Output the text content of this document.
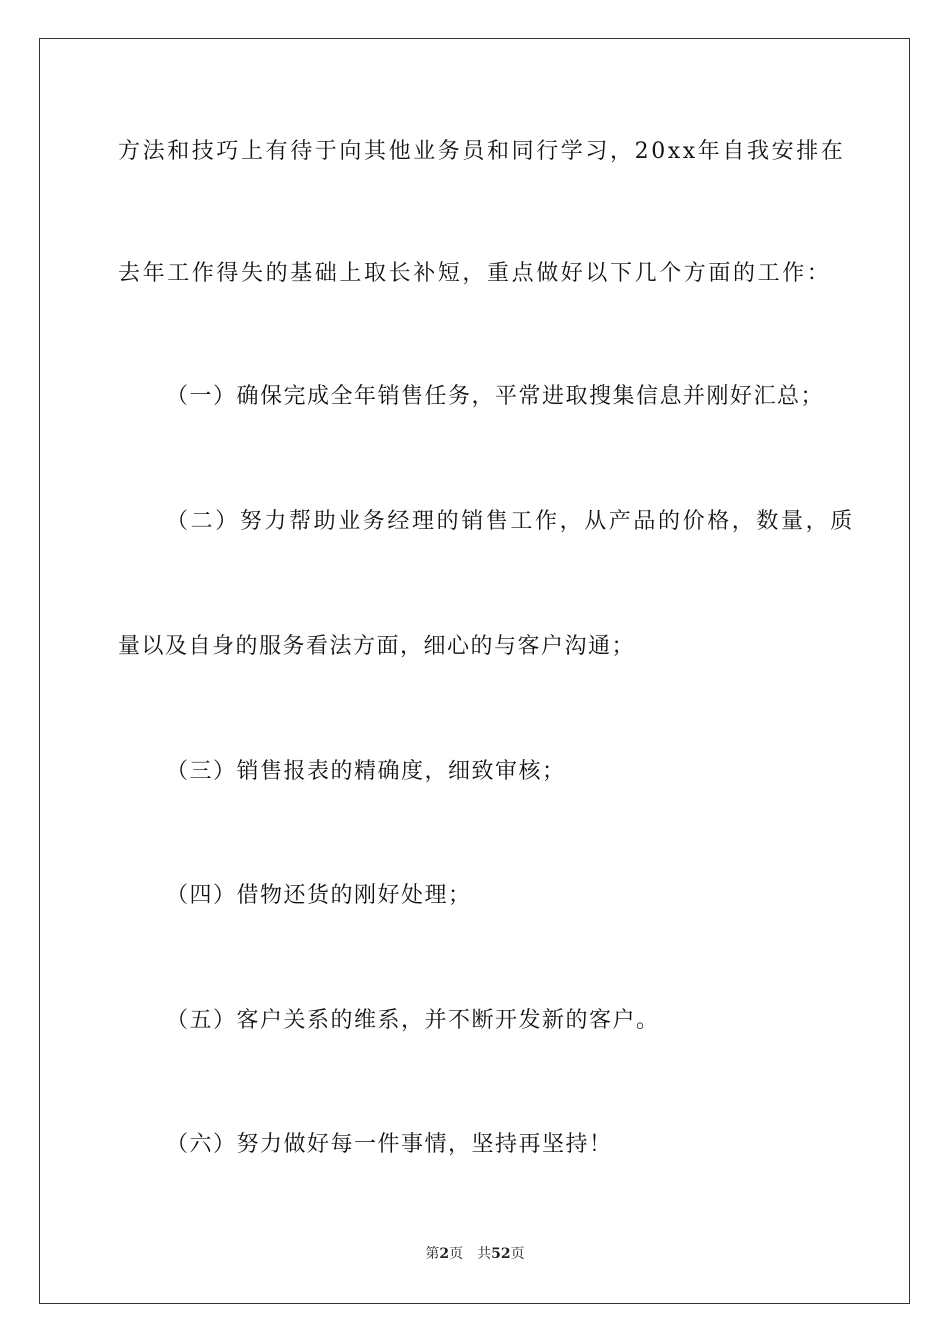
方法和技巧上有待于向其他业务员和同行学习，20xx年自我安排在
去年工作得失的基础上取长补短，重点做好以下几个方面的工作：
（一）确保完成全年销售任务，平常进取搜集信息并刚好汇总；
（二）努力帮助业务经理的销售工作，从产品的价格，数量，质
量以及自身的服务看法方面，细心的与客户沟通；
（三）销售报表的精确度，细致审核；
（四）借物还货的刚好处理；
（五）客户关系的维系，并不断开发新的客户。
（六）努力做好每一件事情，坚持再坚持！
第2页 共52页
